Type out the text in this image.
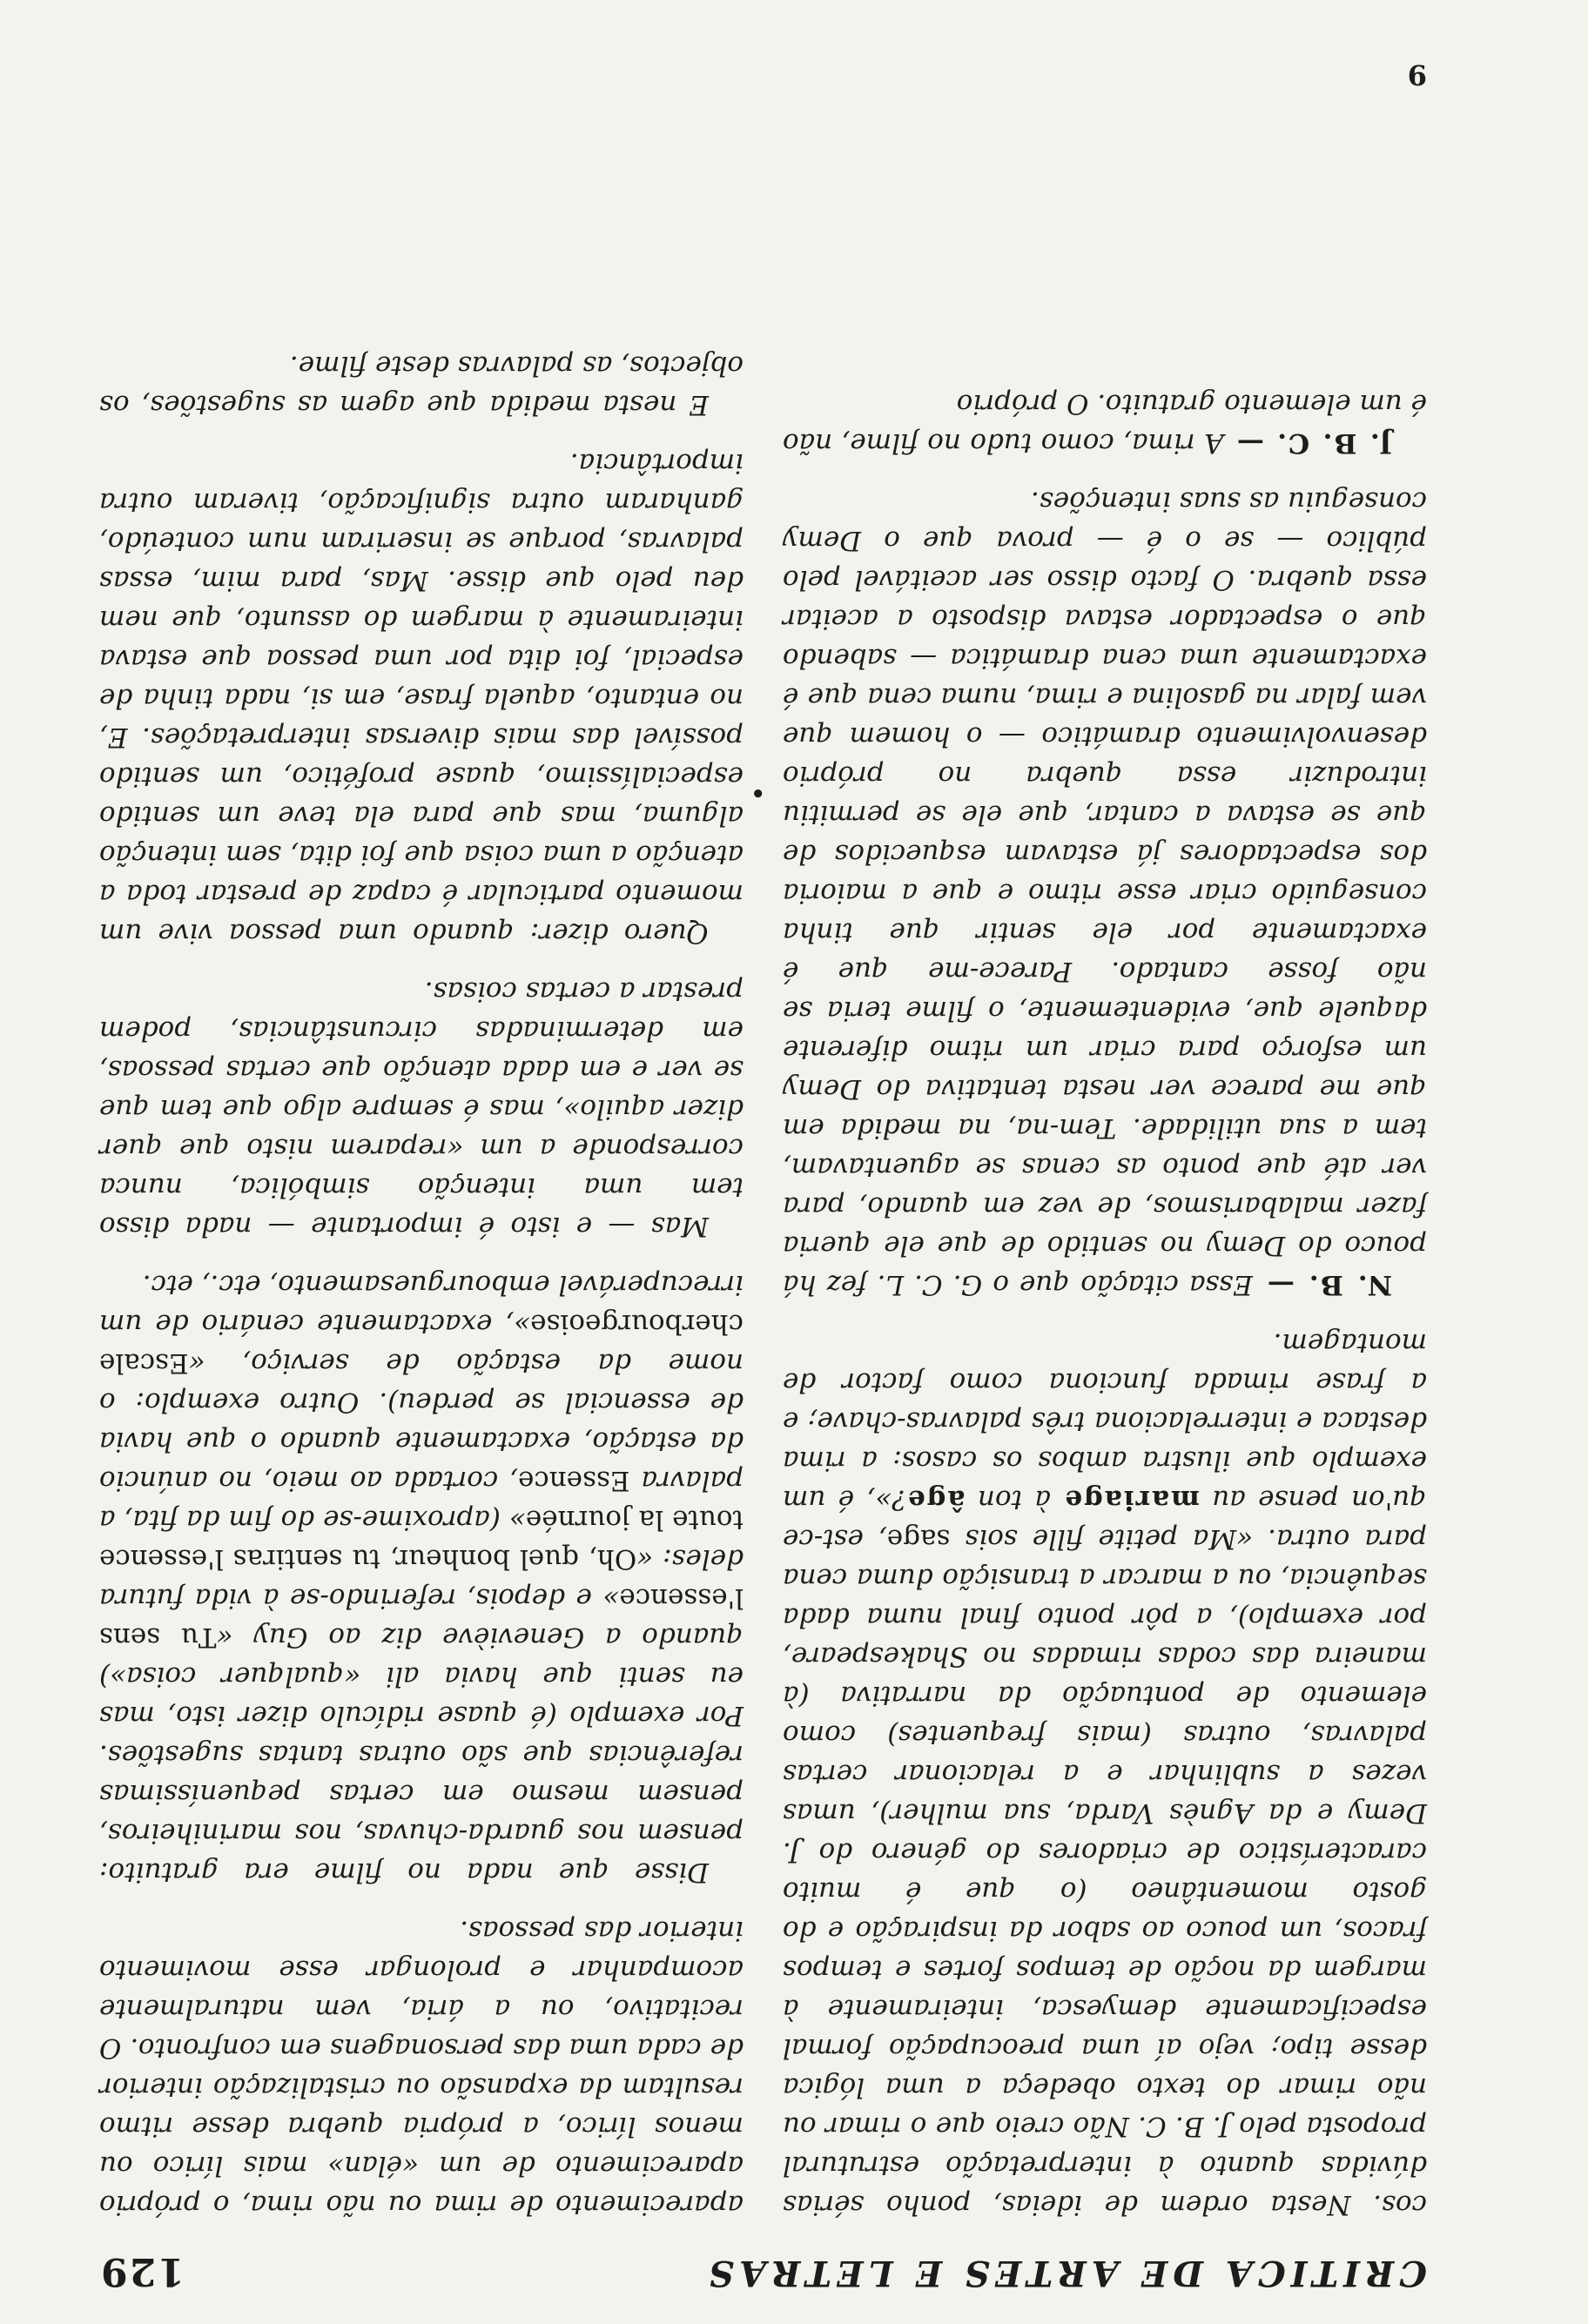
CRITICA DE ARTES E LETRAS
129

cos. Nesta ordem de ideias, ponho sérias dúvidas quanto à interpretação estrutural proposta pelo J. B. C. Não creio que o rimar ou não rimar do texto obedeça a uma lógica desse tipo; vejo aí uma preocupação formal especificamente demyesca, inteiramente à margem da noção de tempos fortes e tempos fracos, um pouco ao sabor da inspiração e do gosto momentâneo (o que é muito característico de criadores do género do J. Demy e da Agnès Varda, sua mulher), umas vezes a sublinhar e a relacionar certas palavras, outras (mais frequentes) como elemento de pontuação da narrativa (à maneira das codas rimadas no Shakespeare, por exemplo), a pôr ponto final numa dada sequência, ou a marcar a transição duma cena para outra. «Ma petite fille sois sage, est-ce qu'on pense au mariage à ton âge?», é um exemplo que ilustra ambos os casos: a rima destaca e interrelaciona três palavras-chave; e a frase rimada funciona como factor de montagem.

N. B. — Essa citação que o G. C. L. fez há pouco do Demy no sentido de que ele queria fazer malabarismos, de vez em quando, para ver até que ponto as cenas se aguentavam, tem a sua utilidade. Tem-na, na medida em que me parece ver nesta tentativa do Demy um esforço para criar um ritmo diferente daquele que, evidentemente, o filme teria se não fosse cantado. Parece-me que é exactamente por ele sentir que tinha conseguido criar esse ritmo e que a maioria dos espectadores já estavam esquecidos de que se estava a cantar, que ele se permitiu introduzir essa quebra no próprio desenvolvimento dramático — o homem que vem falar na gasolina e rima, numa cena que é exactamente uma cena dramática — sabendo que o espectador estava disposto a aceitar essa quebra. O facto disso ser aceitável pelo público — se o é — prova que o Demy conseguiu as suas intenções.

J. B. C. — A rima, como tudo no filme, não é um elemento gratuito. O próprio

aparecimento de rima ou não rima, o próprio aparecimento de um «élan» mais lírico ou menos lírico, a própria quebra desse ritmo resultam da expansão ou cristalização interior de cada uma das personagens em confronto. O recitativo, ou a ária, vem naturalmente acompanhar e prolongar esse movimento interior das pessoas.

Disse que nada no filme era gratuito: pensem nos guarda-chuvas, nos mariniheiros, pensem mesmo em certas pequeníssimas referências que são outras tantas sugestões. Por exemplo (é quase ridículo dizer isto, mas eu senti que havia ali «qualquer coisa») quando a Geneviève diz ao Guy «Tu sens l'essence» e depois, referindo-se à vida futura deles: «Oh, quel bonheur, tu sentiras l'essence toute la journée» (aproxime-se do fim da fita, a palavra Essence, cortada ao meio, no anúncio da estação, exactamente quando o que havia de essencial se perdeu). Outro exemplo: o nome da estação de serviço, «Escale cherbourgeoise», exactamente cenário de um irrecuperável embourguesamento, etc., etc.

Mas — e isto é importante — nada disso tem uma intenção simbólica, nunca corresponde a um «reparem nisto que quer dizer aquilo», mas é sempre algo que tem que se ver e em dada atenção que certas pessoas, em determinadas circunstâncias, podem prestar a certas coisas.

Quero dizer: quando uma pessoa vive um momento particular é capaz de prestar toda a atenção a uma coisa que foi dita, sem intenção alguma, mas que para ela teve um sentido especialíssimo, quase profético, um sentido possível das mais diversas interpretações. E, no entanto, aquela frase, em si, nada tinha de especial, foi dita por uma pessoa que estava inteiramente à margem do assunto, que nem deu pelo que disse. Mas, para mim, essas palavras, porque se inseriram num conteúdo, ganharam outra significação, tiveram outra importância.

E nesta medida que agem as sugestões, os objectos, as palavras deste filme.

•
9
